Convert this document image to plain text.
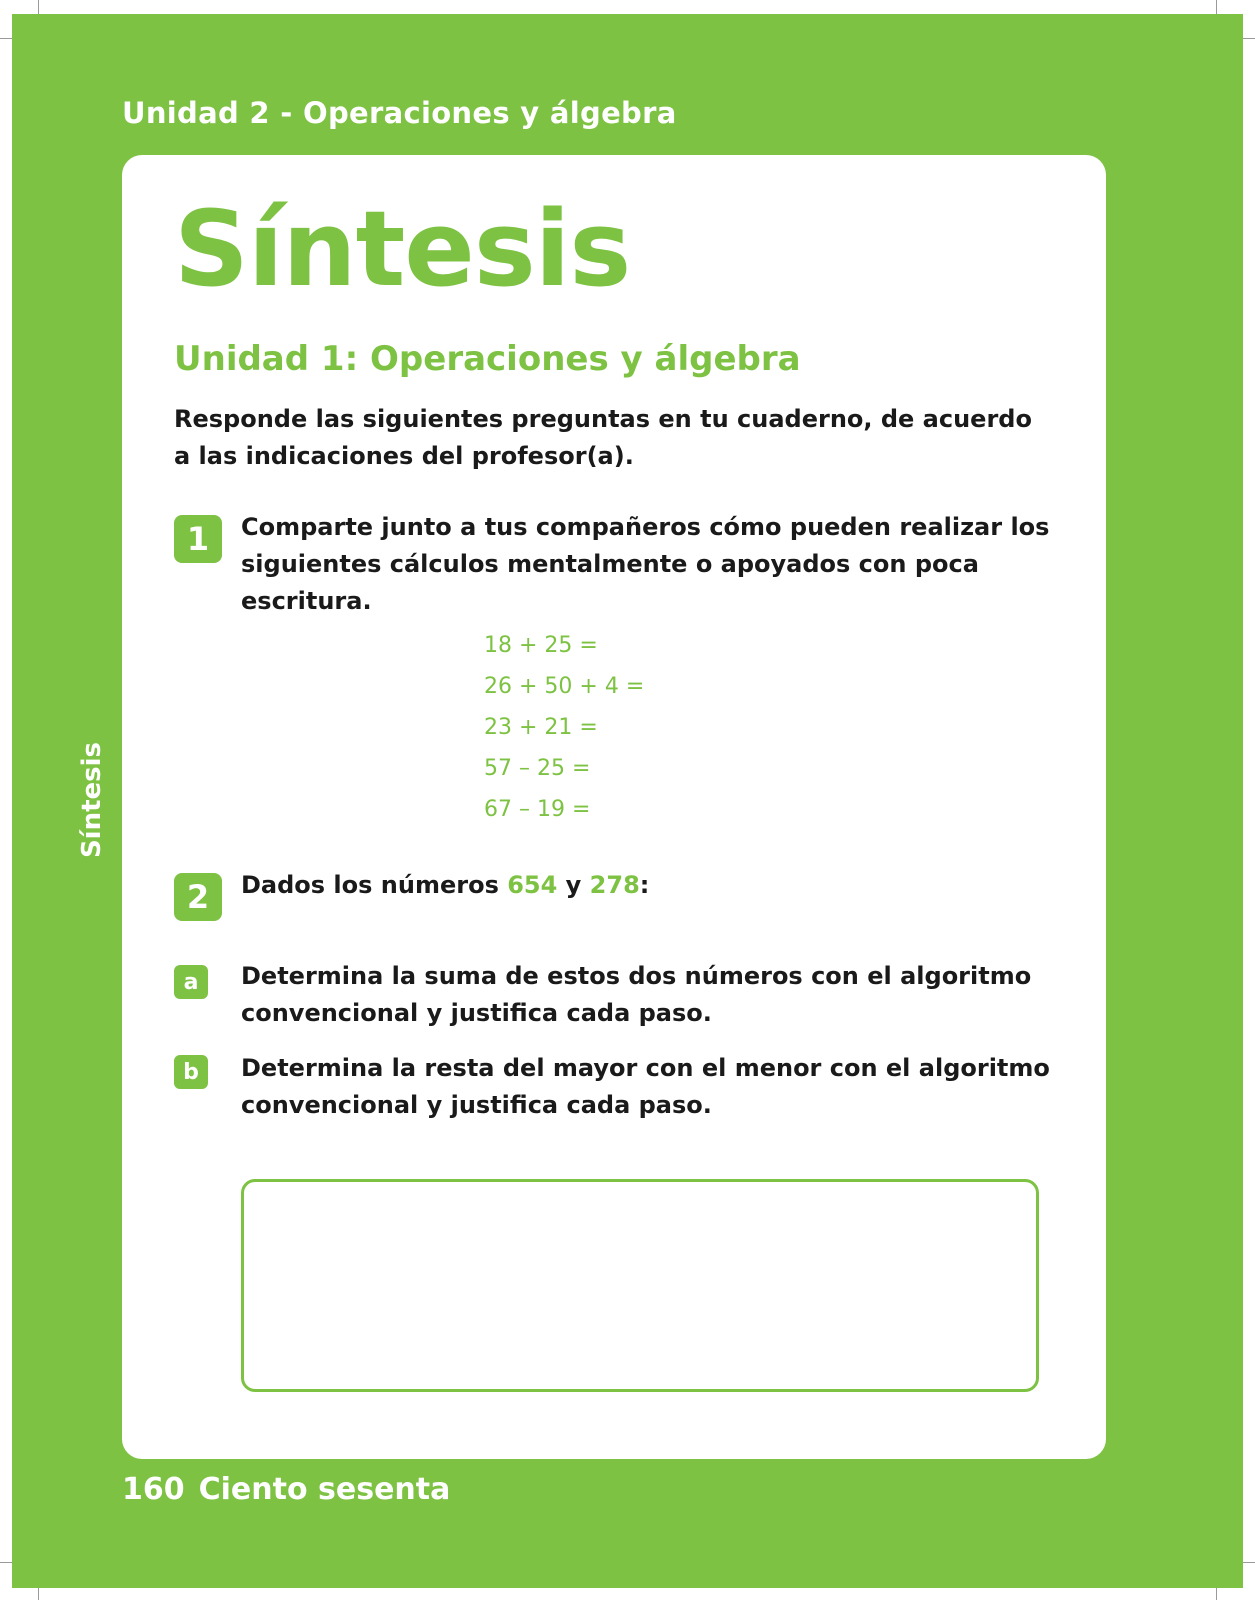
Unidad 2 - Operaciones y álgebra
Síntesis
Síntesis
Unidad 1: Operaciones y álgebra
Responde las siguientes preguntas en tu cuaderno, de acuerdo a las indicaciones del profesor(a).
1	Comparte junto a tus compañeros cómo pueden realizar los siguientes cálculos mentalmente o apoyados con poca escritura.
18 + 25 =
26 + 50 + 4 =
23 + 21 =
57 – 25 =
67 – 19 =
2	Dados los números 654 y 278:
a	Determina la suma de estos dos números con el algoritmo convencional y justifica cada paso.
b	Determina la resta del mayor con el menor con el algoritmo convencional y justifica cada paso.
160 Ciento sesenta
